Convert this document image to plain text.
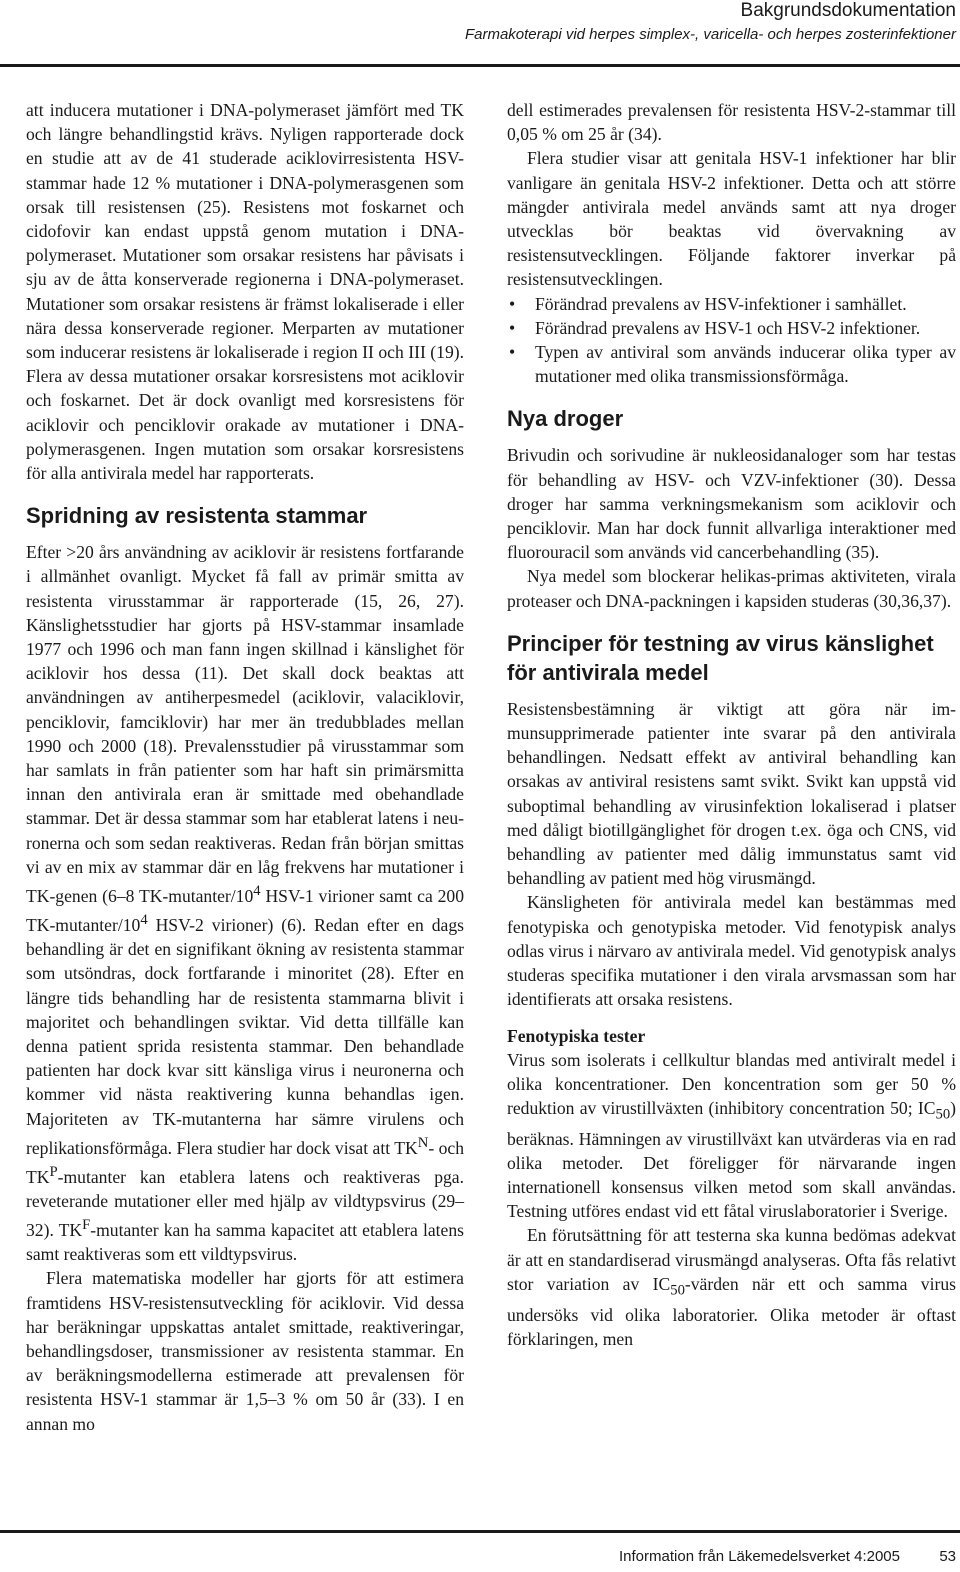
Bakgrundsdokumentation
Farmakoterapi vid herpes simplex-, varicella- och herpes zosterinfektioner

att inducera mutationer i DNA-polymeraset jämfört med TK och längre behandlingstid krävs. Nyligen rapporterade dock en studie att av de 41 studerade aciklovirresistenta HSV-stammar hade 12 % mutationer i DNA-polymerasgenen som orsak till resistensen (25). Resistens mot foskarnet och cidofovir kan endast uppstå genom mutation i DNA-polymeraset. Mutationer som orsakar resistens har påvisats i sju av de åtta konserverade regionerna i DNA-polymeraset. Mutationer som orsakar resistens är främst lokaliserade i eller nära dessa konserverade regioner. Merparten av mutationer som inducerar resistens är lokaliserade i region II och III (19). Flera av dessa mutationer orsakar korsresistens mot aciklovir och foskarnet. Det är dock ovanligt med korsresistens för aciklovir och penciklovir orakade av mutationer i DNA-polymerasgenen. Ingen mutation som orsakar korsresistens för alla antivirala medel har rapporterats.

Spridning av resistenta stammar

Efter >20 års användning av aciklovir är resistens fortfarande i allmänhet ovanligt. Mycket få fall av primär smitta av resistenta virusstammar är rapporterade (15, 26, 27). Känslighetsstudier har gjorts på HSV-stammar insamlade 1977 och 1996 och man fann ingen skillnad i känslighet för aciklovir hos dessa (11). Det skall dock beaktas att användningen av antiherpesmedel (aciklovir, valaciklovir, penciklovir, famciklovir) har mer än tredubblades mellan 1990 och 2000 (18). Prevalensstudier på virusstammar som har samlats in från patienter som har haft sin primärsmitta innan den antivirala eran är smittade med obehandlade stammar. Det är dessa stammar som har etablerat latens i neuronerna och som sedan reaktiveras. Redan från början smittas vi av en mix av stammar där en låg frekvens har mutationer i TK-genen (6–8 $TK-mutanter/10^4$ HSV-1 virioner samt ca 200 $TK-mutanter/10^4$ HSV-2 virioner) (6). Redan efter en dags behandling är det en signifikant ökning av resistenta stammar som utsöndras, dock fortfarande i minoritet (28). Efter en längre tids behandling har de resistenta stammarna blivit i majoritet och behandlingen sviktar. Vid detta tillfälle kan denna patient sprida resistenta stammar. Den behandlade patienten har dock kvar sitt känsliga virus i neuronerna och kommer vid nästa reaktivering kunna behandlas igen. Majoriteten av TK-mutanterna har sämre virulens och replikationsförmåga. Flera studier har dock visat att $TK^N-$ och $TK^P$-mutanter kan etablera latens och reaktiveras pga. reveterande mutationer eller med hjälp av vildtypsvirus (29–32). $TK^F$-mutanter kan ha samma kapacitet att etablera latens samt reaktiveras som ett vildtypsvirus.

Flera matematiska modeller har gjorts för att estimera framtidens HSV-resistensutveckling för aciklovir. Vid dessa har beräkningar uppskattas antalet smittade, reaktiveringar, behandlingsdoser, transmissioner av resistenta stammar. En av beräkningsmodellerna estimerade att prevalensen för resistenta HSV-1 stammar är 1,5–3 % om 50 år (33). I en annan mo

dell estimerades prevalensen för resistenta HSV-2-stammar till 0,05 % om 25 år (34).

Flera studier visar att genitala HSV-1 infektioner har blir vanligare än genitala HSV-2 infektioner. Detta och att större mängder antivirala medel används samt att nya droger utvecklas bör beaktas vid övervakning av resistensutvecklingen. Följande faktorer inverkar på resistensutvecklingen.

• Förändrad prevalens av HSV-infektioner i samhället.
• Förändrad prevalens av HSV-1 och HSV-2 infektioner.
• Typen av antiviral som används inducerar olika typer av mutationer med olika transmissionsförmåga.
Nya droger

Brivudin och sorivudine är nukleosidanaloger som har testas för behandling av HSV- och VZV-infektioner (30). Dessa droger har samma verkningsmekanism som aciklovir och penciklovir. Man har dock funnit allvarliga interaktioner med fluorouracil som används vid cancerbehandling (35).

Nya medel som blockerar helikas-primas aktiviteten, virala proteaser och DNA-packningen i kapsiden studeras (30,36,37).

Principer för testning av virus känslighet för antivirala medel

Resistensbestämning är viktigt att göra när immunsupprimerade patienter inte svarar på den antivirala behandlingen. Nedsatt effekt av antiviral behandling kan orsakas av antiviral resistens samt svikt. Svikt kan uppstå vid suboptimal behandling av virusinfektion lokaliserad i platser med dåligt biotillgänglighet för drogen t.ex. öga och CNS, vid behandling av patienter med dålig immunstatus samt vid behandling av patient med hög virusmängd.

Känsligheten för antivirala medel kan bestämmas med fenotypiska och genotypiska metoder. Vid fenotypisk analys odlas virus i närvaro av antivirala medel. Vid genotypisk analys studeras specifika mutationer i den virala arvsmassan som har identifierats att orsaka resistens.

Fenotypiska tester

Virus som isolerats i cellkultur blandas med antiviralt medel i olika koncentrationer. Den koncentration som ger 50 % reduktion av virustillväxten (inhibitory concentration 50; $IC_{50}$) beräknas. Hämningen av virustillväxt kan utvärderas via en rad olika metoder. Det föreligger för närvarande ingen internationell konsensus vilken metod som skall användas. Testning utföres endast vid ett fåtal viruslaboratorier i Sverige.

En förutsättning för att testerna ska kunna bedömas adekvat är att en standardiserad virusmängd analyseras. Ofta fås relativt stor variation av $IC_{50}$-värden när ett och samma virus undersöks vid olika laboratorier. Olika metoder är oftast förklaringen, men

Information från Läkemedelsverket 4:2005	53
